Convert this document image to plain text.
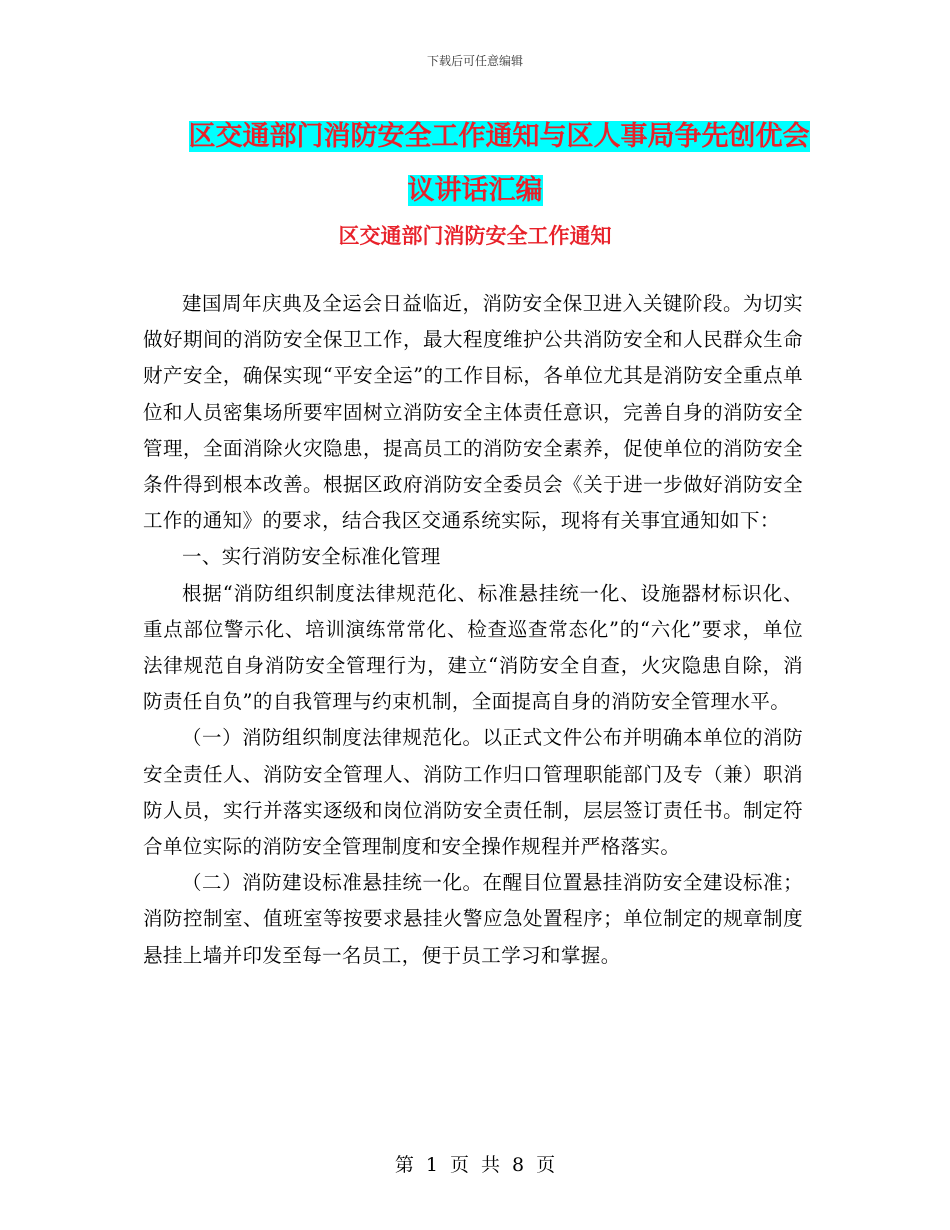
下载后可任意编辑
区交通部门消防安全工作通知与区人事局争先创优会
议讲话汇编
区交通部门消防安全工作通知

建国周年庆典及全运会日益临近，消防安全保卫进入关键阶段。为切实做好期间的消防安全保卫工作，最大程度维护公共消防安全和人民群众生命财产安全，确保实现“平安全运”的工作目标，各单位尤其是消防安全重点单位和人员密集场所要牢固树立消防安全主体责任意识，完善自身的消防安全管理，全面消除火灾隐患，提高员工的消防安全素养，促使单位的消防安全条件得到根本改善。根据区政府消防安全委员会《关于进一步做好消防安全工作的通知》的要求，结合我区交通系统实际，现将有关事宜通知如下：

一、实行消防安全标准化管理

根据“消防组织制度法律规范化、标准悬挂统一化、设施器材标识化、重点部位警示化、培训演练常常化、检查巡查常态化”的“六化”要求，单位法律规范自身消防安全管理行为，建立“消防安全自查，火灾隐患自除，消防责任自负”的自我管理与约束机制，全面提高自身的消防安全管理水平。

（一）消防组织制度法律规范化。以正式文件公布并明确本单位的消防安全责任人、消防安全管理人、消防工作归口管理职能部门及专（兼）职消防人员，实行并落实逐级和岗位消防安全责任制，层层签订责任书。制定符合单位实际的消防安全管理制度和安全操作规程并严格落实。

（二）消防建设标准悬挂统一化。在醒目位置悬挂消防安全建设标准；消防控制室、值班室等按要求悬挂火警应急处置程序；单位制定的规章制度悬挂上墙并印发至每一名员工，便于员工学习和掌握。

第 1 页 共 8 页
